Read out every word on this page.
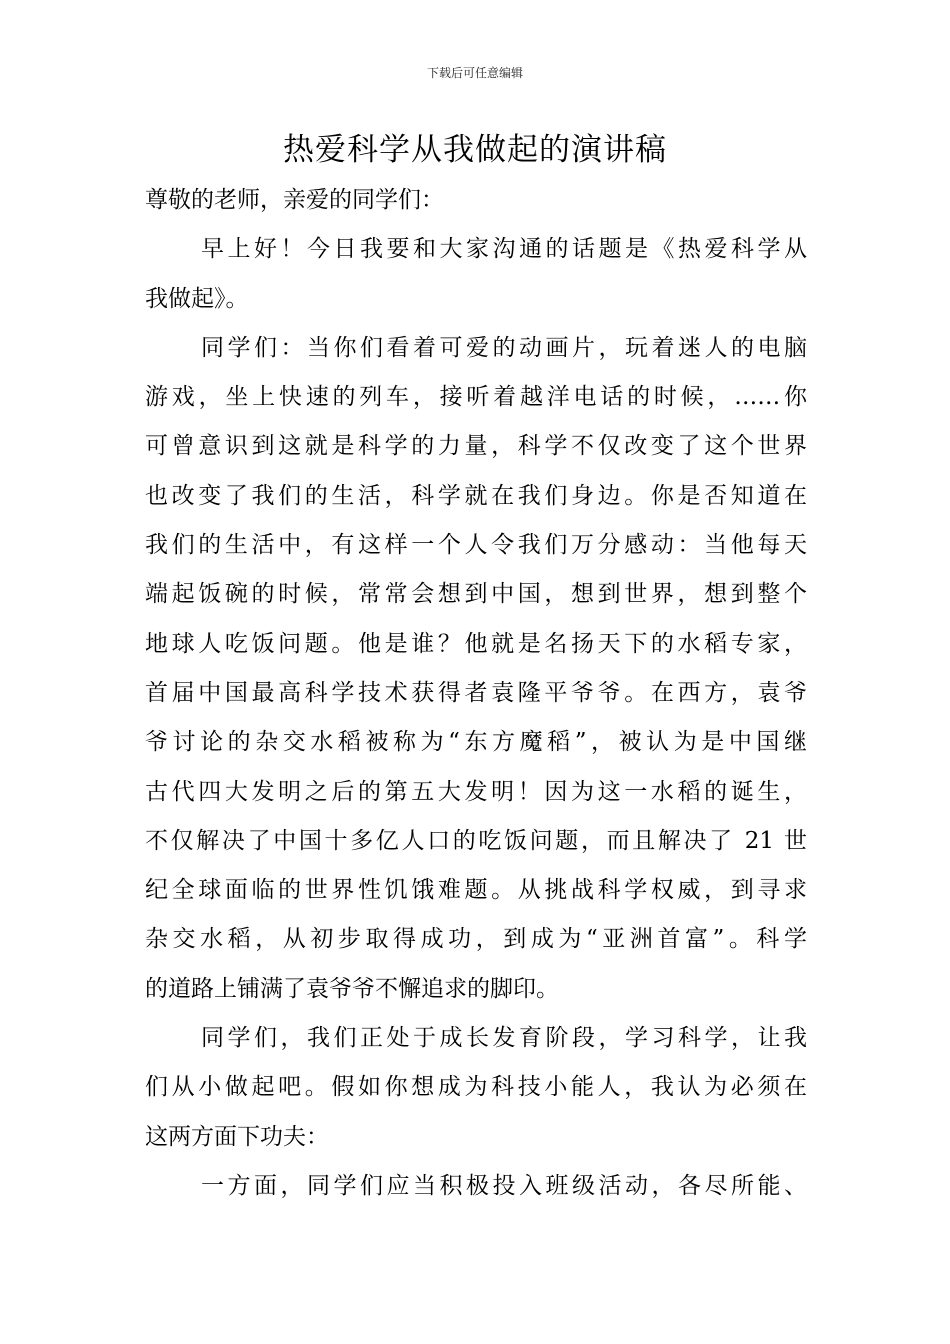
下载后可任意编辑
热爱科学从我做起的演讲稿

尊敬的老师，亲爱的同学们：

早上好！今日我要和大家沟通的话题是《热爱科学从
我做起》。

同学们：当你们看着可爱的动画片，玩着迷人的电脑
游戏，坐上快速的列车，接听着越洋电话的时候，……你
可曾意识到这就是科学的力量，科学不仅改变了这个世界
也改变了我们的生活，科学就在我们身边。你是否知道在
我们的生活中，有这样一个人令我们万分感动：当他每天
端起饭碗的时候，常常会想到中国，想到世界，想到整个
地球人吃饭问题。他是谁？他就是名扬天下的水稻专家，
首届中国最高科学技术获得者袁隆平爷爷。在西方，袁爷
爷讨论的杂交水稻被称为“东方魔稻”，被认为是中国继
古代四大发明之后的第五大发明！因为这一水稻的诞生，
不仅解决了中国十多亿人口的吃饭问题，而且解决了 21 世
纪全球面临的世界性饥饿难题。从挑战科学权威，到寻求
杂交水稻，从初步取得成功，到成为“亚洲首富”。科学
的道路上铺满了袁爷爷不懈追求的脚印。

同学们，我们正处于成长发育阶段，学习科学，让我
们从小做起吧。假如你想成为科技小能人，我认为必须在
这两方面下功夫：

一方面，同学们应当积极投入班级活动，各尽所能、
